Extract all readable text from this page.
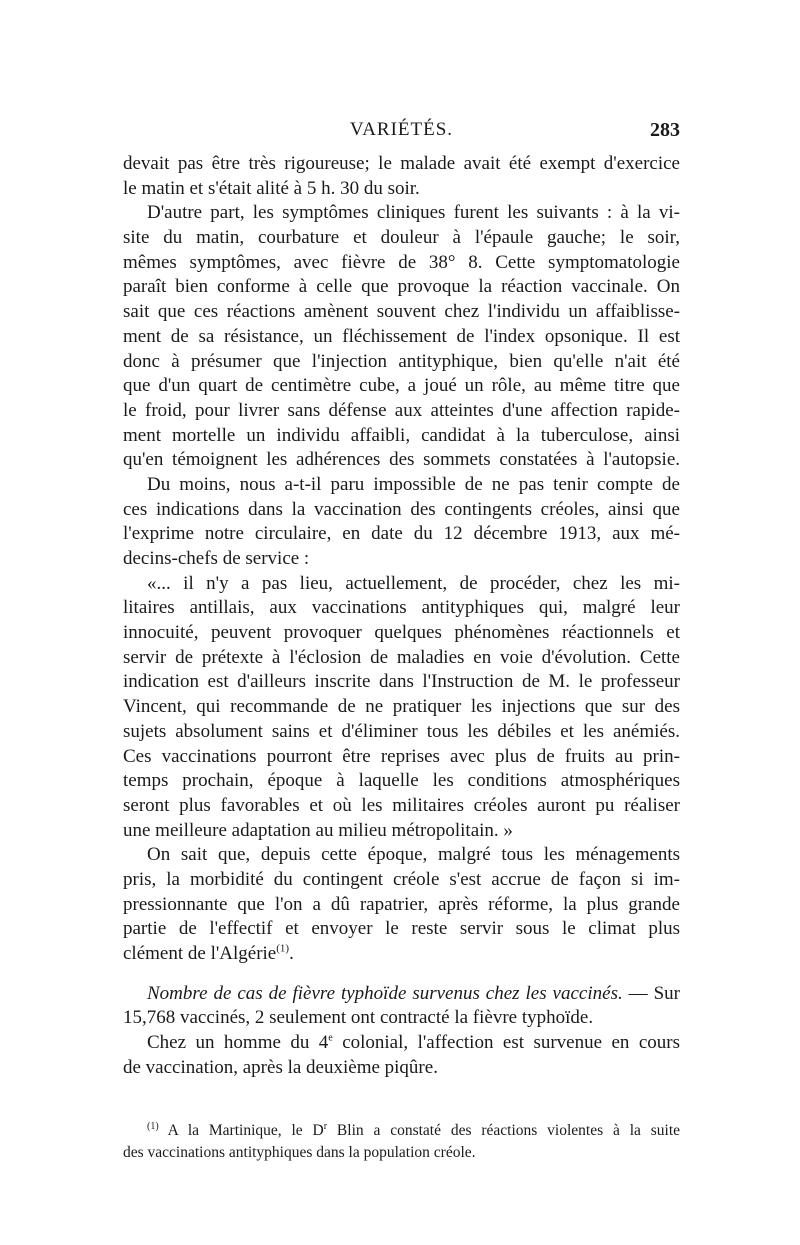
VARIÉTÉS.	283
devait pas être très rigoureuse; le malade avait été exempt d'exercice
le matin et s'était alité à 5 h. 30 du soir.
D'autre part, les symptômes cliniques furent les suivants : à la vi-
site du matin, courbature et douleur à l'épaule gauche; le soir,
mêmes symptômes, avec fièvre de 38° 8. Cette symptomatologie
paraît bien conforme à celle que provoque la réaction vaccinale. On
sait que ces réactions amènent souvent chez l'individu un affaiblisse-
ment de sa résistance, un fléchissement de l'index opsonique. Il est
donc à présumer que l'injection antityphique, bien qu'elle n'ait été
que d'un quart de centimètre cube, a joué un rôle, au même titre que
le froid, pour livrer sans défense aux atteintes d'une affection rapide-
ment mortelle un individu affaibli, candidat à la tuberculose, ainsi
qu'en témoignent les adhérences des sommets constatées à l'autopsie.
Du moins, nous a-t-il paru impossible de ne pas tenir compte de
ces indications dans la vaccination des contingents créoles, ainsi que
l'exprime notre circulaire, en date du 12 décembre 1913, aux mé-
decins-chefs de service :
«... il n'y a pas lieu, actuellement, de procéder, chez les mi-
litaires antillais, aux vaccinations antityphiques qui, malgré leur
innocuité, peuvent provoquer quelques phénomènes réactionnels et
servir de prétexte à l'éclosion de maladies en voie d'évolution. Cette
indication est d'ailleurs inscrite dans l'Instruction de M. le professeur
Vincent, qui recommande de ne pratiquer les injections que sur des
sujets absolument sains et d'éliminer tous les débiles et les anémiés.
Ces vaccinations pourront être reprises avec plus de fruits au prin-
temps prochain, époque à laquelle les conditions atmosphériques
seront plus favorables et où les militaires créoles auront pu réaliser
une meilleure adaptation au milieu métropolitain. »
On sait que, depuis cette époque, malgré tous les ménagements
pris, la morbidité du contingent créole s'est accrue de façon si im-
pressionnante que l'on a dû rapatrier, après réforme, la plus grande
partie de l'effectif et envoyer le reste servir sous le climat plus
clément de l'Algérie$^{(1)}$.
Nombre de cas de fièvre typhoïde survenus chez les vaccinés. — Sur
15,768 vaccinés, 2 seulement ont contracté la fièvre typhoïde.
Chez un homme du 4e colonial, l'affection est survenue en cours
de vaccination, après la deuxième piqûre.
$^{(1)}$ A la Martinique, le $D^r$ Blin a constaté des réactions violentes à la suite
des vaccinations antityphiques dans la population créole.
